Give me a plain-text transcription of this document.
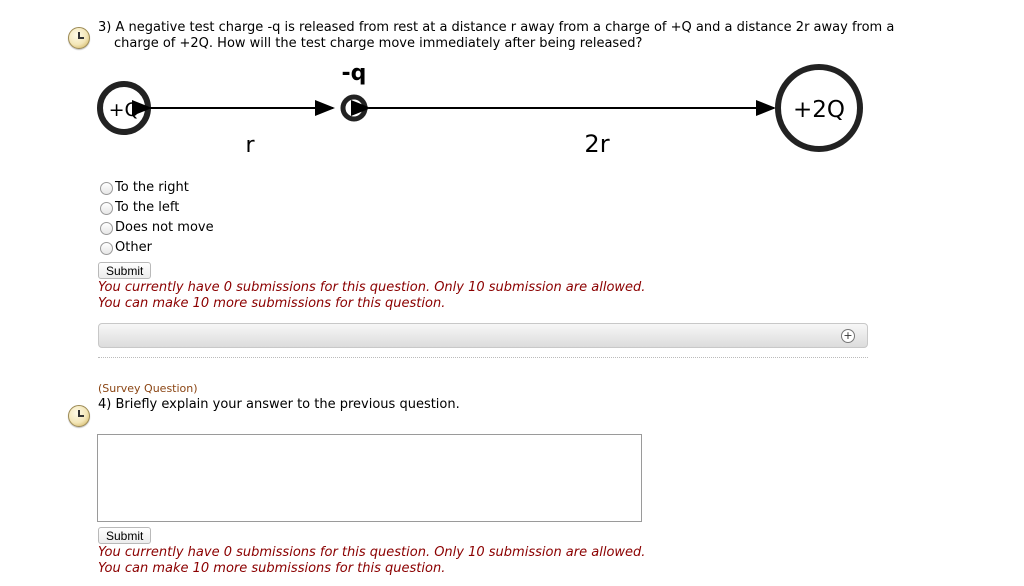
3) A negative test charge -q is released from rest at a distance r away from a charge of +Q and a distance 2r away from a
charge of +2Q. How will the test charge move immediately after being released?
+Q
r
-q
2r
+2Q
To the right
To the left
Does not move
Other
Submit
You currently have 0 submissions for this question. Only 10 submission are allowed.
You can make 10 more submissions for this question.
+
(Survey Question)
4) Briefly explain your answer to the previous question.
Submit
You currently have 0 submissions for this question. Only 10 submission are allowed.
You can make 10 more submissions for this question.
